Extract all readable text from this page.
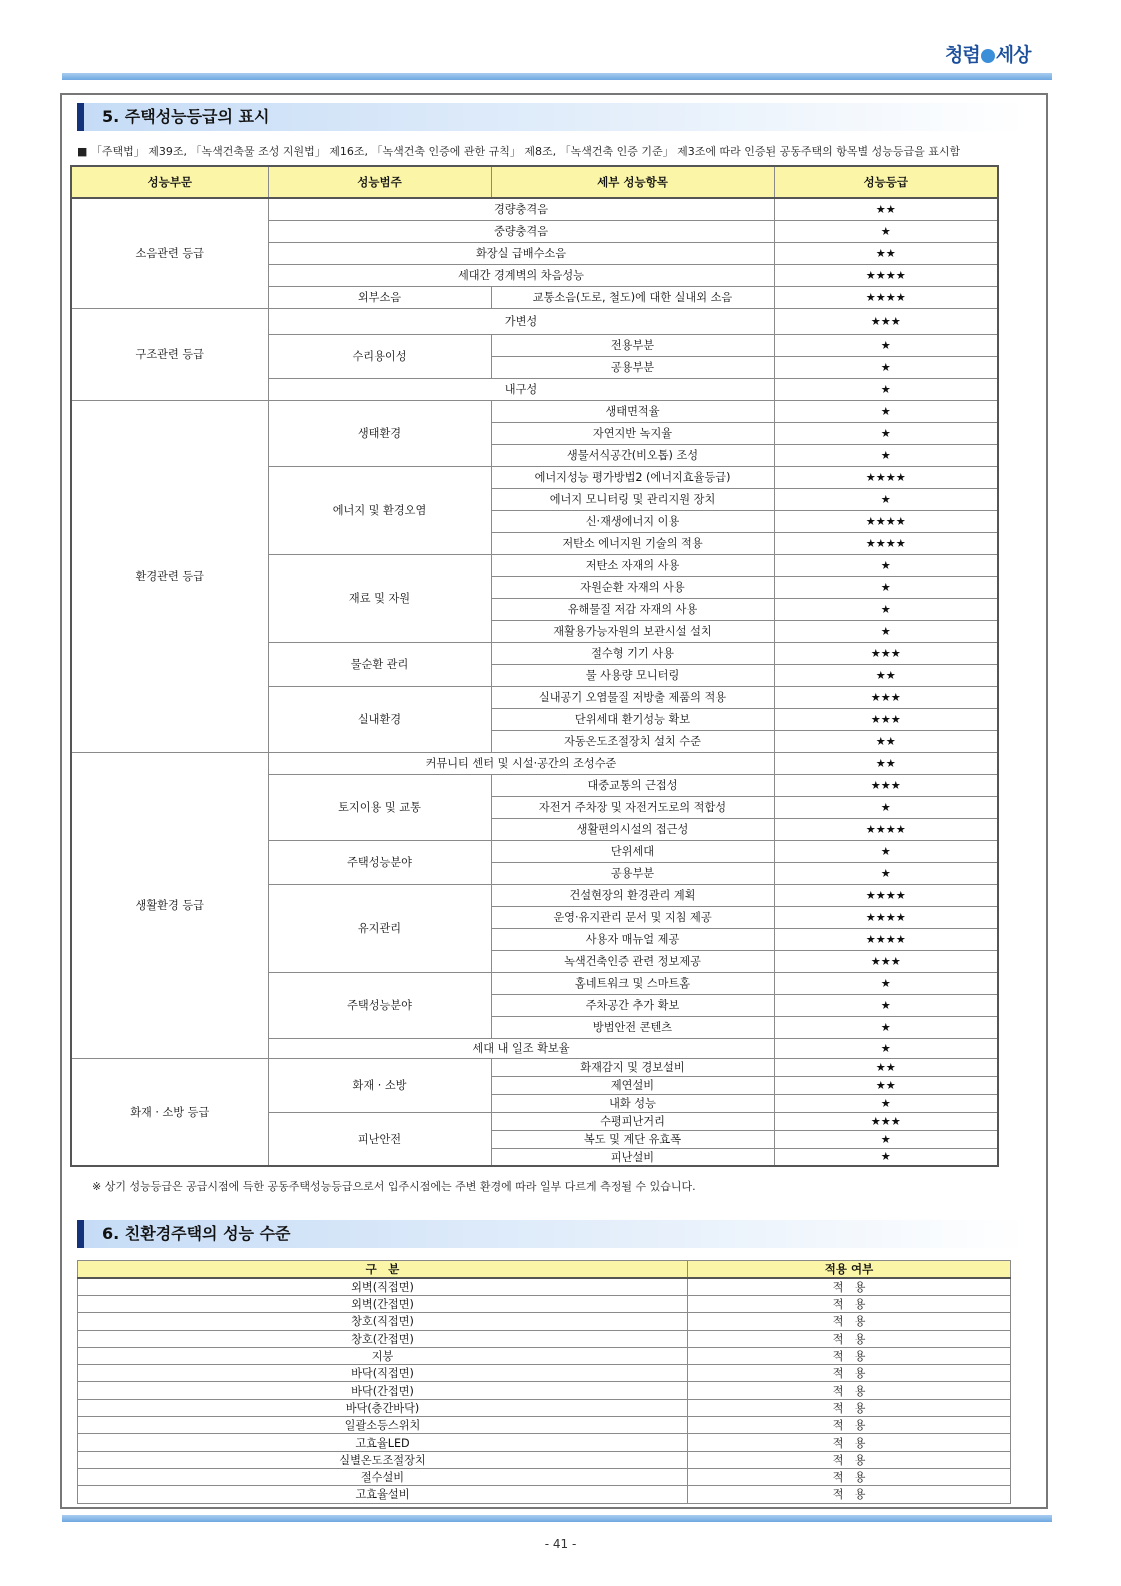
청렴 세상
5. 주택성능등급의 표시
■ 「주택법」 제39조, 「녹색건축물 조성 지원법」 제16조, 「녹색건축 인증에 관한 규칙」 제8조, 「녹색건축 인증 기준」 제3조에 따라 인증된 공동주택의 항목별 성능등급을 표시함
성능부문	성능범주	세부 성능항목	성능등급
소음관련 등급	경량충격음		★★
	중량충격음		★
	화장실 급배수소음		★★
	세대간 경계벽의 차음성능		★★★★
	외부소음	교통소음(도로, 철도)에 대한 실내외 소음	★★★★
구조관련 등급	가변성		★★★
	수리용이성	전용부분	★
		공용부분	★
	내구성		★
환경관련 등급	생태환경	생태면적율	★
		자연지반 녹지율	★
		생물서식공간(비오톱) 조성	★
	에너지 및 환경오염	에너지성능 평가방법2 (에너지효율등급)	★★★★
		에너지 모니터링 및 관리지원 장치	★
		신·재생에너지 이용	★★★★
		저탄소 에너지원 기술의 적용	★★★★
	재료 및 자원	저탄소 자재의 사용	★
		자원순환 자재의 사용	★
		유해물질 저감 자재의 사용	★
		재활용가능자원의 보관시설 설치	★
	물순환 관리	절수형 기기 사용	★★★
		물 사용량 모니터링	★★
	실내환경	실내공기 오염물질 저방출 제품의 적용	★★★
		단위세대 환기성능 확보	★★★
		자동온도조절장치 설치 수준	★★
생활환경 등급	커뮤니티 센터 및 시설·공간의 조성수준		★★
	토지이용 및 교통	대중교통의 근접성	★★★
		자전거 주차장 및 자전거도로의 적합성	★
		생활편의시설의 접근성	★★★★
	주택성능분야	단위세대	★
		공용부분	★
	유지관리	건설현장의 환경관리 계획	★★★★
		운영·유지관리 문서 및 지침 제공	★★★★
		사용자 매뉴얼 제공	★★★★
		녹색건축인증 관련 정보제공	★★★
	주택성능분야	홈네트워크 및 스마트홈	★
		주차공간 추가 확보	★
		방범안전 콘텐츠	★
	세대 내 일조 확보율		★
화재 · 소방 등급	화재 · 소방	화재감지 및 경보설비	★★
		제연설비	★★
		내화 성능	★
	피난안전	수평피난거리	★★★
		복도 및 계단 유효폭	★
		피난설비	★
※ 상기 성능등급은 공급시점에 득한 공동주택성능등급으로서 입주시점에는 주변 환경에 따라 일부 다르게 측정될 수 있습니다.
6. 친환경주택의 성능 수준
구　분	적용 여부
외벽(직접면)	적　용
외벽(간접면)	적　용
창호(직접면)	적　용
창호(간접면)	적　용
지붕	적　용
바닥(직접면)	적　용
바닥(간접면)	적　용
바닥(층간바닥)	적　용
일괄소등스위치	적　용
고효율LED	적　용
실별온도조절장치	적　용
절수설비	적　용
고효율설비	적　용
- 41 -
